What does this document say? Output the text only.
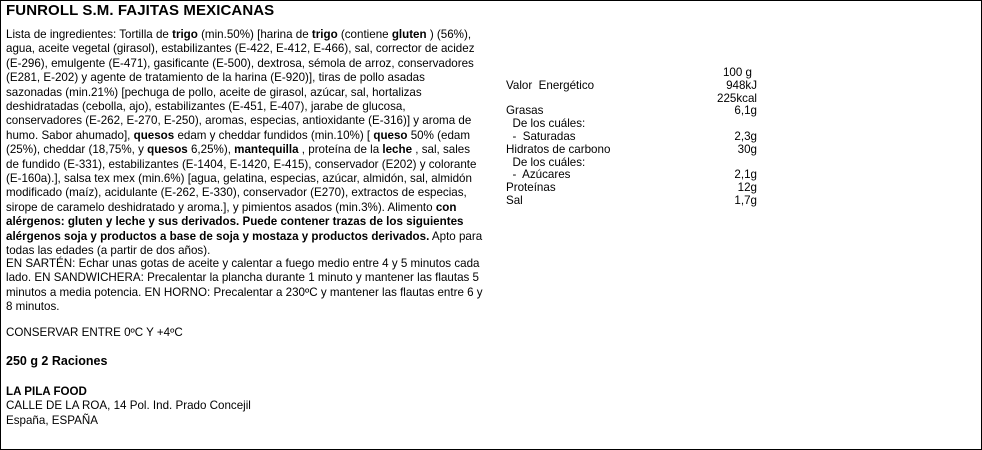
FUNROLL S.M. FAJITAS MEXICANAS
Lista de ingredientes: Tortilla de trigo (min.50%) [harina de trigo (contiene gluten ) (56%), agua, aceite vegetal (girasol), estabilizantes (E-422, E-412, E-466), sal, corrector de acidez (E-296), emulgente (E-471), gasificante (E-500), dextrosa, sémola de arroz, conservadores (E281, E-202) y agente de tratamiento de la harina (E-920)], tiras de pollo asadas sazonadas (min.21%) [pechuga de pollo, aceite de girasol, azúcar, sal, hortalizas deshidratadas (cebolla, ajo), estabilizantes (E-451, E-407), jarabe de glucosa, conservadores (E-262, E-270, E-250), aromas, especias, antioxidante (E-316)] y aroma de humo. Sabor ahumado], quesos edam y cheddar fundidos (min.10%) [ queso 50% (edam (25%), cheddar (18,75%, y quesos 6,25%), mantequilla , proteína de la leche , sal, sales de fundido (E-331), estabilizantes (E-1404, E-1420, E-415), conservador (E202) y colorante (E-160a).], salsa tex mex (min.6%) [agua, gelatina, especias, azúcar, almidón, sal, almidón modificado (maíz), acidulante (E-262, E-330), conservador (E270), extractos de especias, sirope de caramelo deshidratado y aroma.], y pimientos asados (min.3%). Alimento con alérgenos: gluten y leche y sus derivados. Puede contener trazas de los siguientes alérgenos soja y productos a base de soja y mostaza y productos derivados. Apto para todas las edades (a partir de dos años).
EN SARTÉN: Echar unas gotas de aceite y calentar a fuego medio entre 4 y 5 minutos cada lado. EN SANDWICHERA: Precalentar la plancha durante 1 minuto y mantener las flautas 5 minutos a media potencia. EN HORNO: Precalentar a 230ºC y mantener las flautas entre 6 y 8 minutos.
CONSERVAR ENTRE 0ºC Y +4ºC
250 g 2 Raciones
LA PILA FOOD
CALLE DE LA ROA, 14 Pol. Ind. Prado Concejil
España, ESPAÑA
100 g
Valor  Energético	948kJ
225kcal
Grasas	6,1g
De los cuáles:
-  Saturadas	2,3g
Hidratos de carbono	30g
De los cuáles:
-  Azúcares	2,1g
Proteínas	12g
Sal	1,7g
